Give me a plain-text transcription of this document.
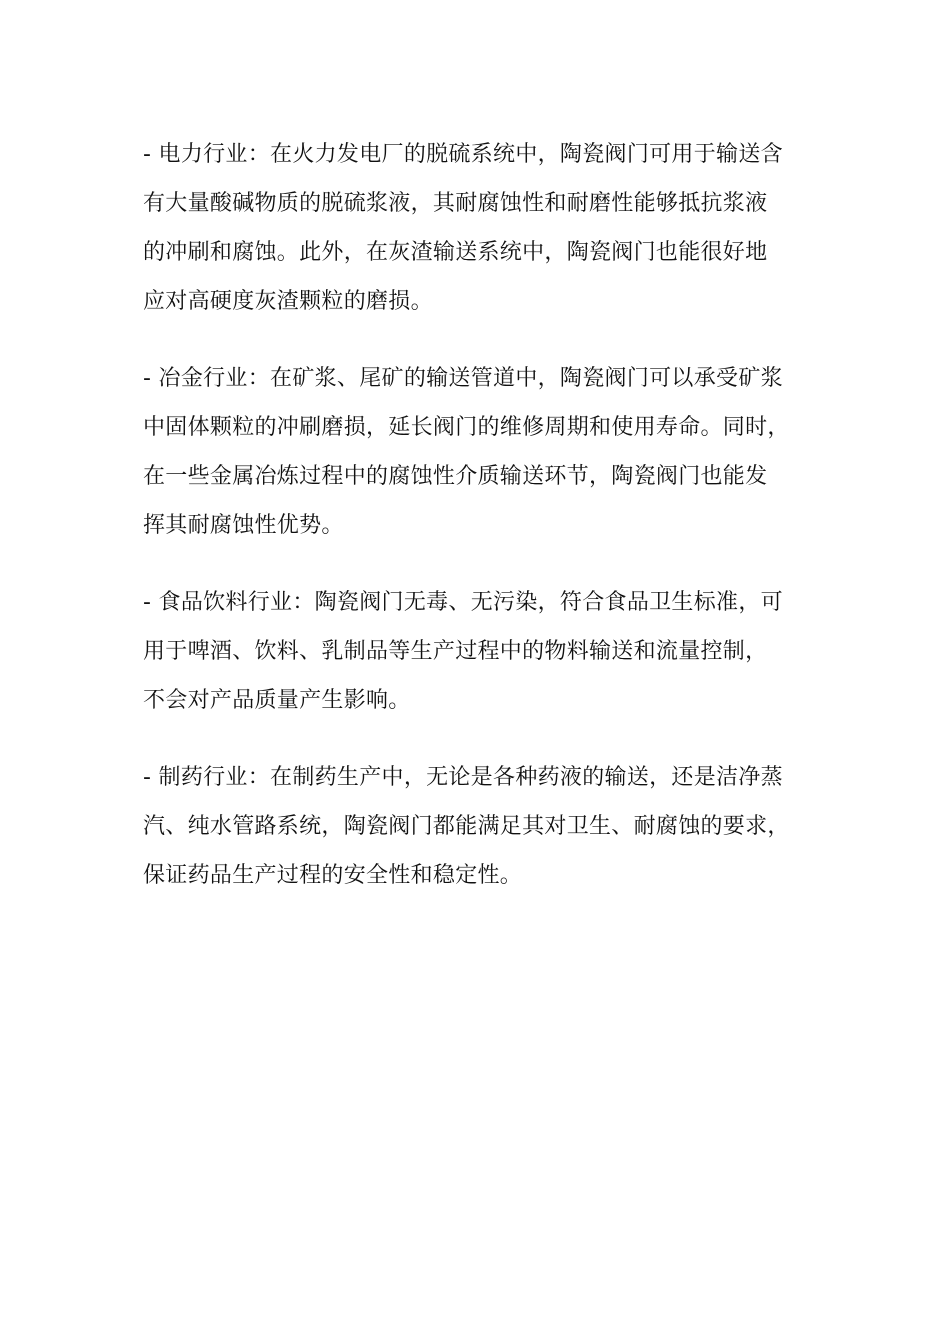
- 电力行业：在火力发电厂的脱硫系统中，陶瓷阀门可用于输送含
有大量酸碱物质的脱硫浆液，其耐腐蚀性和耐磨性能够抵抗浆液
的冲刷和腐蚀。此外，在灰渣输送系统中，陶瓷阀门也能很好地
应对高硬度灰渣颗粒的磨损。

- 冶金行业：在矿浆、尾矿的输送管道中，陶瓷阀门可以承受矿浆
中固体颗粒的冲刷磨损，延长阀门的维修周期和使用寿命。同时，
在一些金属冶炼过程中的腐蚀性介质输送环节，陶瓷阀门也能发
挥其耐腐蚀性优势。

- 食品饮料行业：陶瓷阀门无毒、无污染，符合食品卫生标准，可
用于啤酒、饮料、乳制品等生产过程中的物料输送和流量控制，
不会对产品质量产生影响。

- 制药行业：在制药生产中，无论是各种药液的输送，还是洁净蒸
汽、纯水管路系统，陶瓷阀门都能满足其对卫生、耐腐蚀的要求，
保证药品生产过程的安全性和稳定性。
